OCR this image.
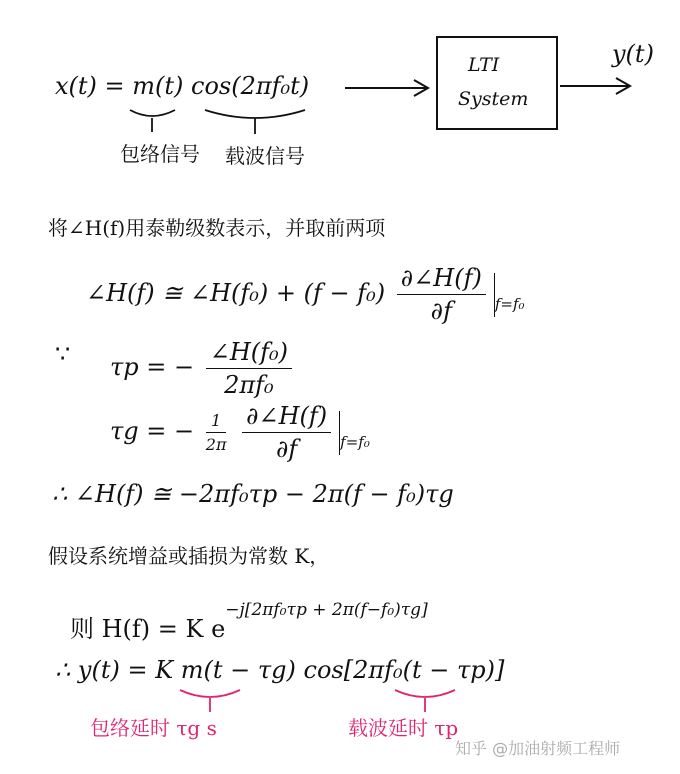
x(t) = m(t) cos(2πf₀t)
LTI
System
y(t)
包络信号 载波信号
将∠H(f)用泰勒级数表示，并取前两项
∠H(f) ≅ ∠H(f₀) + $(f - f_0) \frac{\partial\angle H(f)}{\partial f} _{f=f_0}$
∵ τp = − $\frac{\text{∠H(f₀)}}{\text{2πf₀}}$
τg = − $\frac{1}{2\pi}$
$\frac{\partial\angle H(f)}{\partial f} _{f=f_0}$
∴ ∠H(f) ≅ −2πf₀τp − 2π(f − f₀)τg
假设系统增益或插损为常数 K，
则 H(f) = K $e^{-j[2\pi f_0\tau p + 2\pi(f-f_0)\tau g]}$
∴ y(t) = K m(t − τg) cos[2πf₀(t − τp)]
包络延时 τg s	载波延时 τp
知乎 @加油射频工程师
